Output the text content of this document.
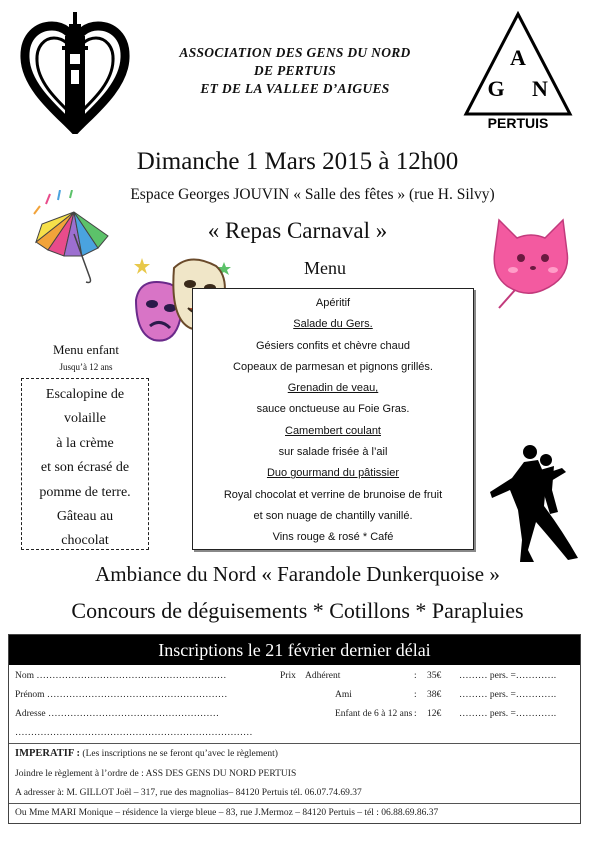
A
G N
PERTUIS
ASSOCIATION DES GENS DU NORD
DE PERTUIS
ET DE LA VALLEE D’AIGUES
Dimanche 1 Mars 2015 à 12h00
Espace Georges JOUVIN « Salle des fêtes » (rue H. Silvy)
« Repas Carnaval »
Menu
Apéritif
Salade du Gers.
Gésiers confits et chèvre chaud
Copeaux de parmesan et pignons grillés.
Grenadin de veau,
sauce onctueuse au Foie Gras.
Camembert coulant
sur salade frisée à l’ail
Duo gourmand du pâtissier
Royal chocolat et verrine de brunoise de fruit
et son nuage de chantilly vanillé.
Vins rouge & rosé * Café
Menu enfant
Jusqu’à 12 ans
Escalopine de
volaille
à la crème
et son écrasé de
pomme de terre.
Gâteau au
chocolat
Ambiance du Nord « Farandole Dunkerquoise »
Concours de déguisements * Cotillons * Parapluies
Inscriptions le 21 février dernier délai
Nom ……………………………………………………
Prénom …………………………………………………
Adresse ………………………………………………
…………………………………………………………………
Prix Adhérent	: 35€ ……… pers. =………….
Ami	: 38€ ……… pers. =………….
Enfant de 6 à 12 ans : 12€ ……… pers. =………….
IMPERATIF : (Les inscriptions ne se feront qu’avec le règlement)
Joindre le règlement à l’ordre de : ASS DES GENS DU NORD PERTUIS
A adresser à: M. GILLOT Joël – 317, rue des magnolias– 84120 Pertuis tél. 06.07.74.69.37
Ou Mme MARI Monique – résidence la vierge bleue – 83, rue J.Mermoz – 84120 Pertuis – tél : 06.88.69.86.37
